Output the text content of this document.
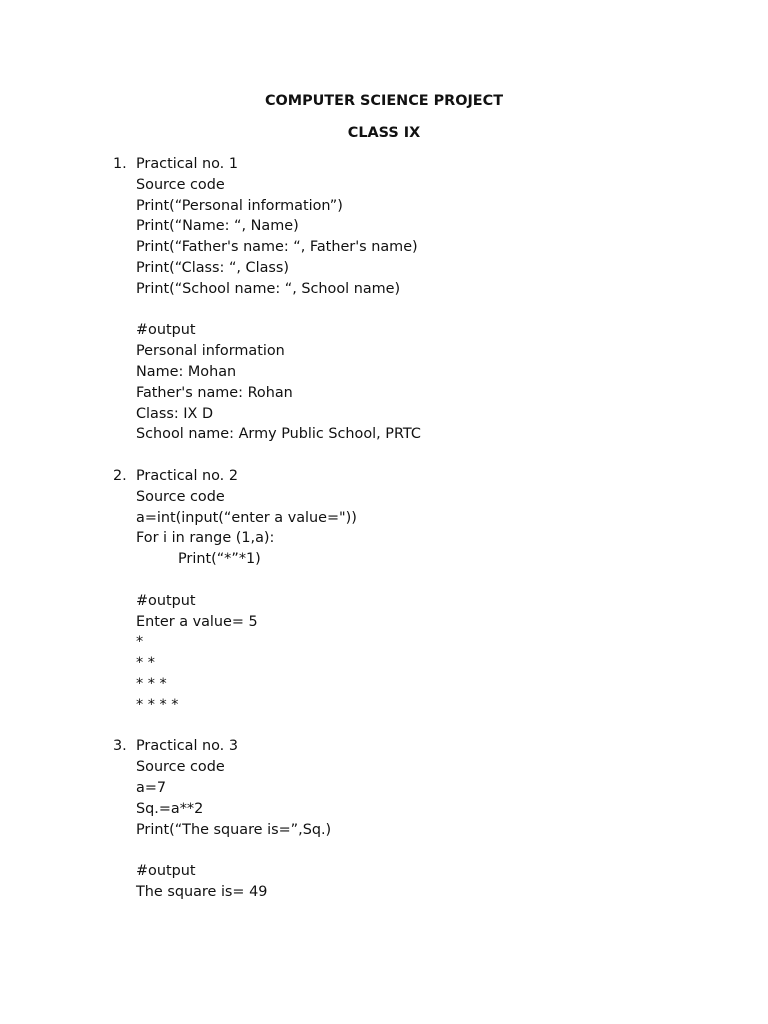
COMPUTER SCIENCE PROJECT

CLASS IX

1. Practical no. 1
Source code
Print(“Personal information”)
Print(“Name: “, Name)
Print(“Father's name: “, Father's name)
Print(“Class: “, Class)
Print(“School name: “, School name)
#output
Personal information
Name: Mohan
Father's name: Rohan
Class: IX D
School name: Army Public School, PRTC
2. Practical no. 2
Source code
a=int(input(“enter a value="))
For i in range (1,a):
Print(“*”*1)
#output
Enter a value= 5
*
* *
* * *
* * * *
3. Practical no. 3
Source code
a=7
Sq.=a**2
Print(“The square is=”,Sq.)
#output
The square is= 49
